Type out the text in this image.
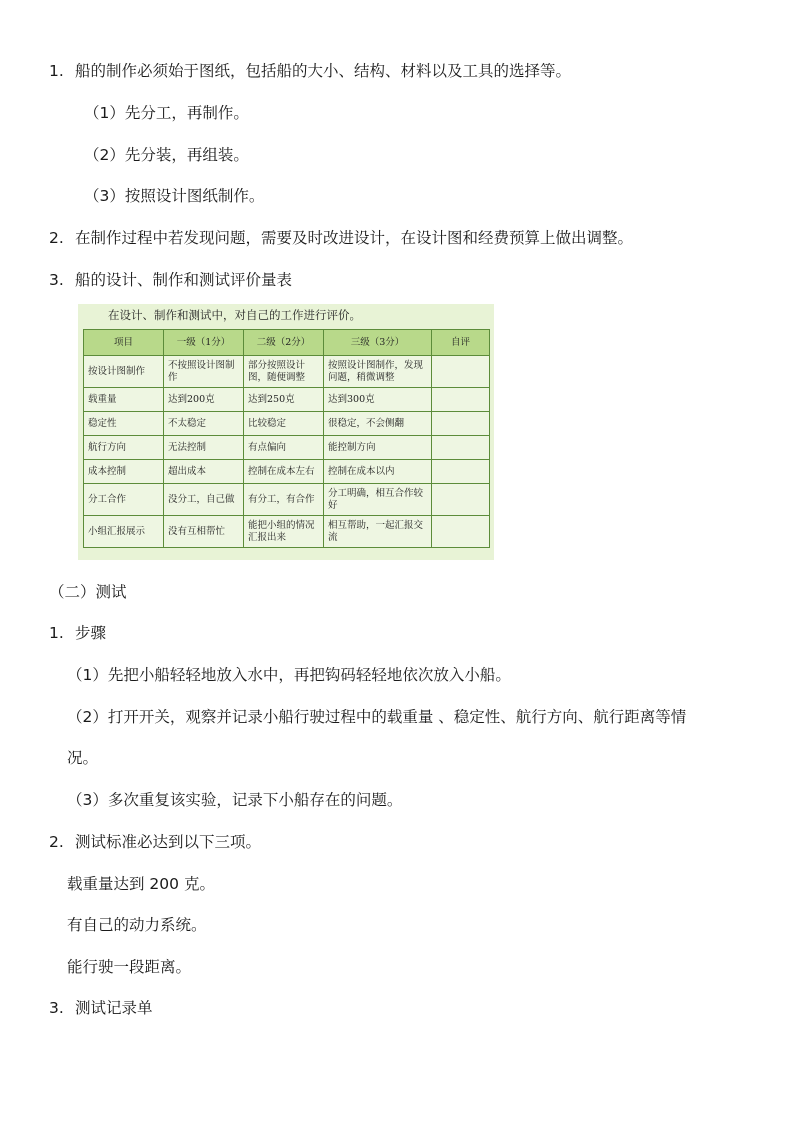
1. 船的制作必须始于图纸，包括船的大小、结构、材料以及工具的选择等。
（1）先分工，再制作。
（2）先分装，再组装。
（3）按照设计图纸制作。
2. 在制作过程中若发现问题，需要及时改进设计，在设计图和经费预算上做出调整。
3. 船的设计、制作和测试评价量表
在设计、制作和测试中，对自己的工作进行评价。
项目	一级（1分）	二级（2分）	三级（3分）	自评
按设计图制作	不按照设计图制作	部分按照设计图，随便调整	按照设计图制作，发现问题，稍微调整	
载重量	达到200克	达到250克	达到300克	
稳定性	不太稳定	比较稳定	很稳定，不会侧翻	
航行方向	无法控制	有点偏向	能控制方向	
成本控制	超出成本	控制在成本左右	控制在成本以内	
分工合作	没分工，自己做	有分工，有合作	分工明确，相互合作较好	
小组汇报展示	没有互相帮忙	能把小组的情况汇报出来	相互帮助，一起汇报交流	
（二）测试
1. 步骤
（1）先把小船轻轻地放入水中，再把钩码轻轻地依次放入小船。
（2）打开开关，观察并记录小船行驶过程中的载重量 、稳定性、航行方向、航行距离等情
况。
（3）多次重复该实验，记录下小船存在的问题。
2. 测试标准必达到以下三项。
载重量达到 200 克。
有自己的动力系统。
能行驶一段距离。
3. 测试记录单
